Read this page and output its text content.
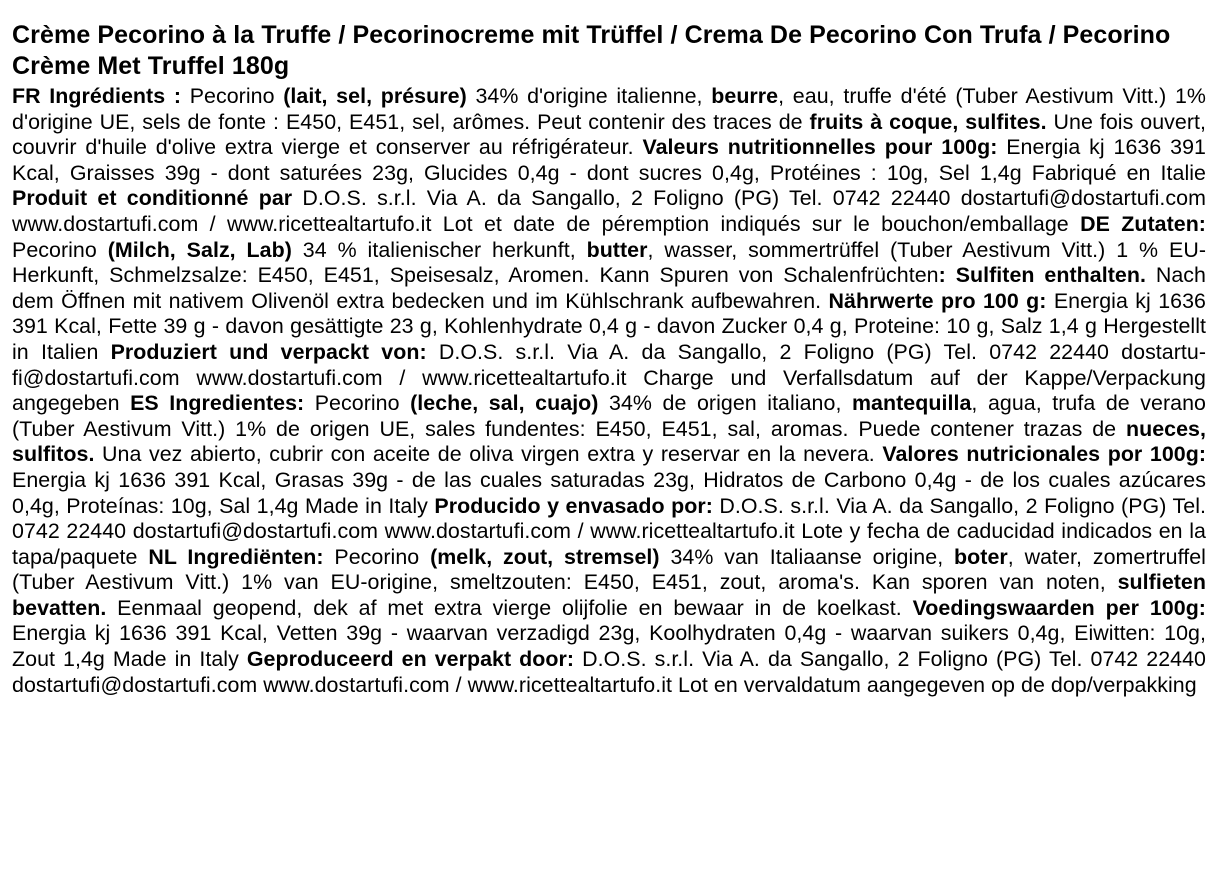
Crème Pecorino à la Truffe / Pecorinocreme mit Trüffel / Crema De Pecorino Con Trufa / Pecorino Crème Met Truffel 180g

FR Ingrédients : Pecorino (lait, sel, présure) 34% d'origine italienne, beurre, eau, truffe d'été (Tuber Aestivum Vitt.) 1% d'origine UE, sels de fonte : E450, E451, sel, arômes. Peut contenir des traces de fruits à coque, sulfites. Une fois ouvert, couvrir d'huile d'olive extra vierge et conserver au réfrigérateur. Valeurs nutritionnelles pour 100g: Energia kj 1636 391 Kcal, Graisses 39g - dont saturées 23g, Glucides 0,4g - dont sucres 0,4g, Protéines : 10g, Sel 1,4g Fabriqué en Italie Produit et conditionné par D.O.S. s.r.l. Via A. da Sangallo, 2 Foligno (PG) Tel. 0742 22440 dostartufi@dostartufi.com www.dostartufi.com / www.ricettealtartufo.it Lot et date de péremption indiqués sur le bouchon/emballage DE Zutaten: Pecorino (Milch, Salz, Lab) 34 % italienischer herkunft, butter, wasser, sommertrüffel (Tuber Aestivum Vitt.) 1 % EU-Herkunft, Schmelzsalze: E450, E451, Speisesalz, Aromen. Kann Spuren von Schalenfrüchten: Sulfiten enthalten. Nach dem Öffnen mit nativem Olivenöl extra bedecken und im Kühlschrank aufbewahren. Nährwerte pro 100 g: Energia kj 1636 391 Kcal, Fette 39 g - davon gesättigte 23 g, Kohlenhydrate 0,4 g - davon Zucker 0,4 g, Proteine: 10 g, Salz 1,4 g Hergestellt in Italien Produziert und verpackt von: D.O.S. s.r.l. Via A. da Sangallo, 2 Foligno (PG) Tel. 0742 22440 dostartufi@dostartufi.com www.dostartufi.com / www.ricettealtartufo.it Charge und Verfallsdatum auf der Kappe/Verpackung angegeben ES Ingredientes: Pecorino (leche, sal, cuajo) 34% de origen italiano, mantequilla, agua, trufa de verano (Tuber Aestivum Vitt.) 1% de origen UE, sales fundentes: E450, E451, sal, aromas. Puede contener trazas de nueces, sulfitos. Una vez abierto, cubrir con aceite de oliva virgen extra y reservar en la nevera. Valores nutricionales por 100g: Energia kj 1636 391 Kcal, Grasas 39g - de las cuales saturadas 23g, Hidratos de Carbono 0,4g - de los cuales azúcares 0,4g, Proteínas: 10g, Sal 1,4g Made in Italy Producido y envasado por: D.O.S. s.r.l. Via A. da Sangallo, 2 Foligno (PG) Tel. 0742 22440 dostartufi@dostartufi.com www.dostartufi.com / www.ricettealtartufo.it Lote y fecha de caducidad indicados en la tapa/paquete NL Ingrediënten: Pecorino (melk, zout, stremsel) 34% van Italiaanse origine, boter, water, zomertruffel (Tuber Aestivum Vitt.) 1% van EU-origine, smeltzouten: E450, E451, zout, aroma's. Kan sporen van noten, sulfieten bevatten. Eenmaal geopend, dek af met extra vierge olijfolie en bewaar in de koelkast. Voedingswaarden per 100g: Energia kj 1636 391 Kcal, Vetten 39g - waarvan verzadigd 23g, Koolhydraten 0,4g - waarvan suikers 0,4g, Eiwitten: 10g, Zout 1,4g Made in Italy Geproduceerd en verpakt door: D.O.S. s.r.l. Via A. da Sangallo, 2 Foligno (PG) Tel. 0742 22440 dostartufi@dostartufi.com www.dostartufi.com / www.ricettealtartufo.it Lot en vervaldatum aangegeven op de dop/verpakking
